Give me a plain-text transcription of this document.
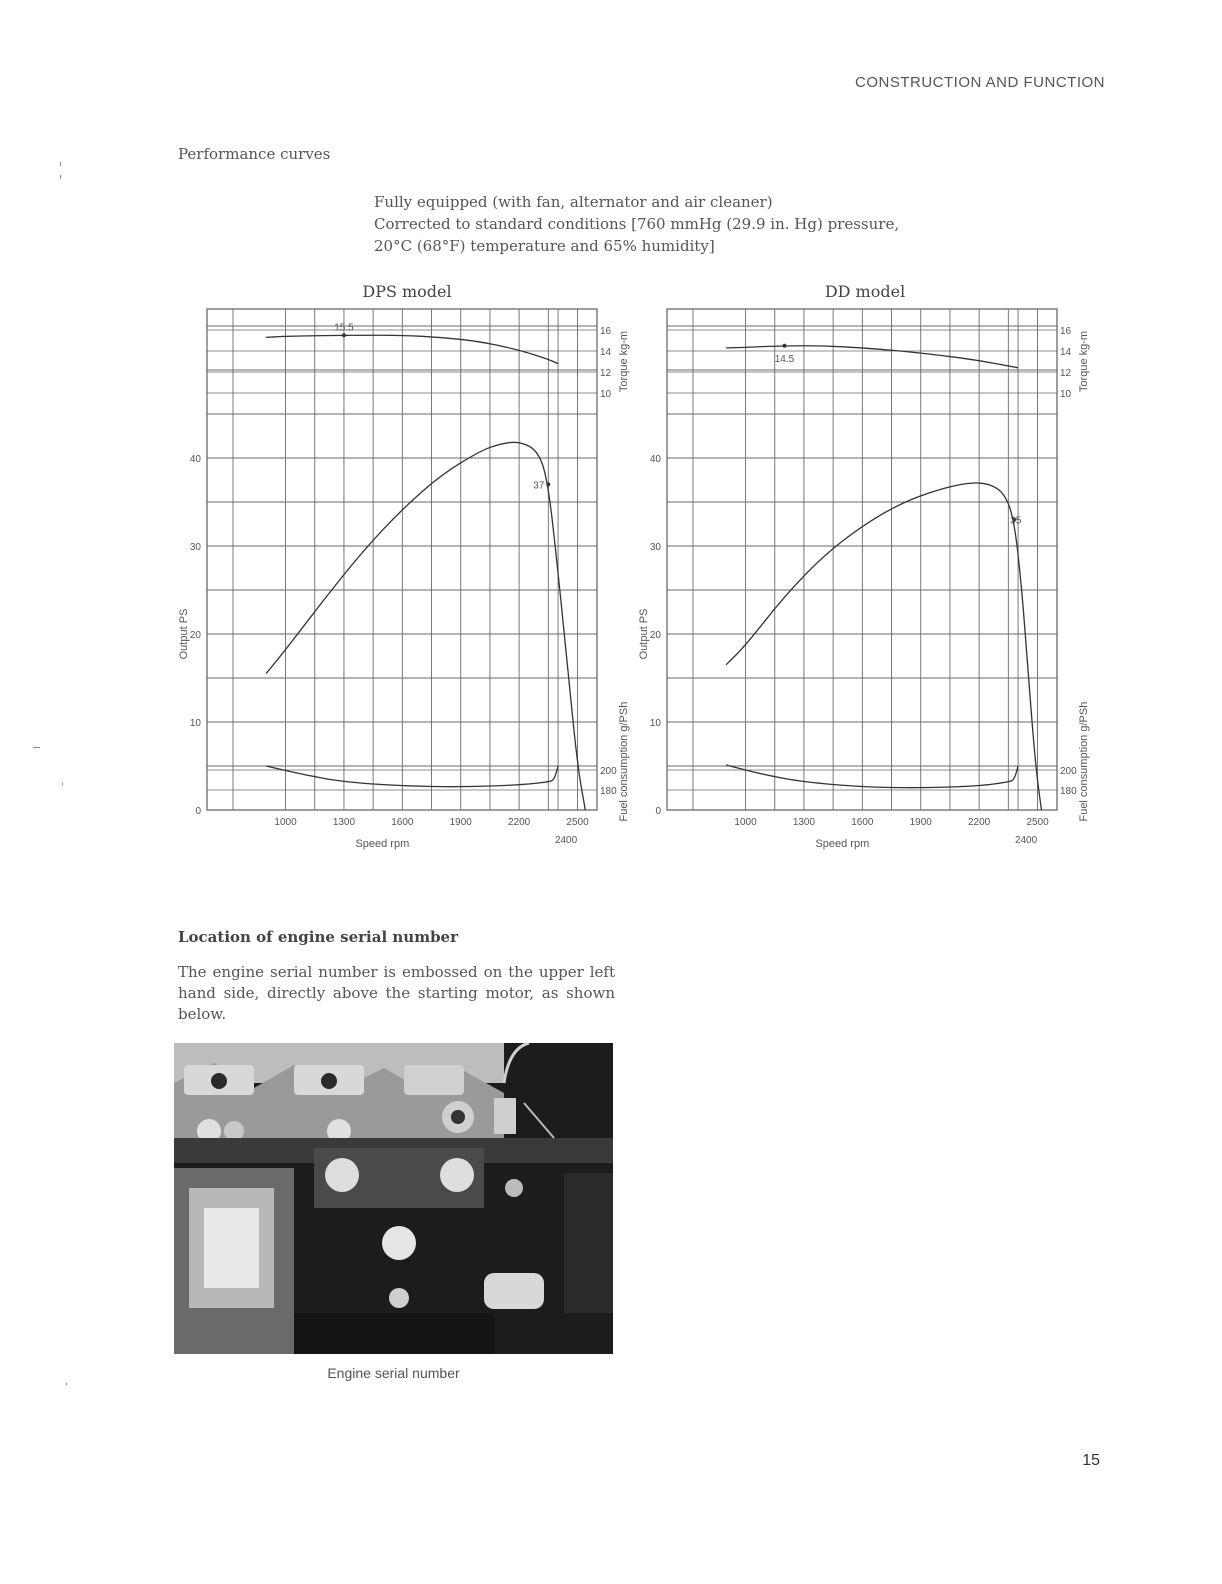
CONSTRUCTION AND FUNCTION
Performance curves
Fully equipped (with fan, alternator and air cleaner)
Corrected to standard conditions [760 mmHg (29.9 in. Hg) pressure,
20°C (68°F) temperature and 65% humidity]
DPS model	DD model
0
10
20
30
40
Output PS
1000	1300	1600	1900	2200	2500
2400
Speed rpm
10
12
14
16 Torque kg-m
180
200 Fuel consumption g/PSh
15.5
37
0
10
20
30
40
Output PS
1000	1300	1600	1900	2200	2500
2400
Speed rpm
10
12
14
16 Torque kg-m
180
200 Fuel consumption g/PSh
14.5
35
Location of engine serial number
The engine serial number is embossed on the upper left hand side, directly above the starting motor, as shown below.
Engine serial number
15
